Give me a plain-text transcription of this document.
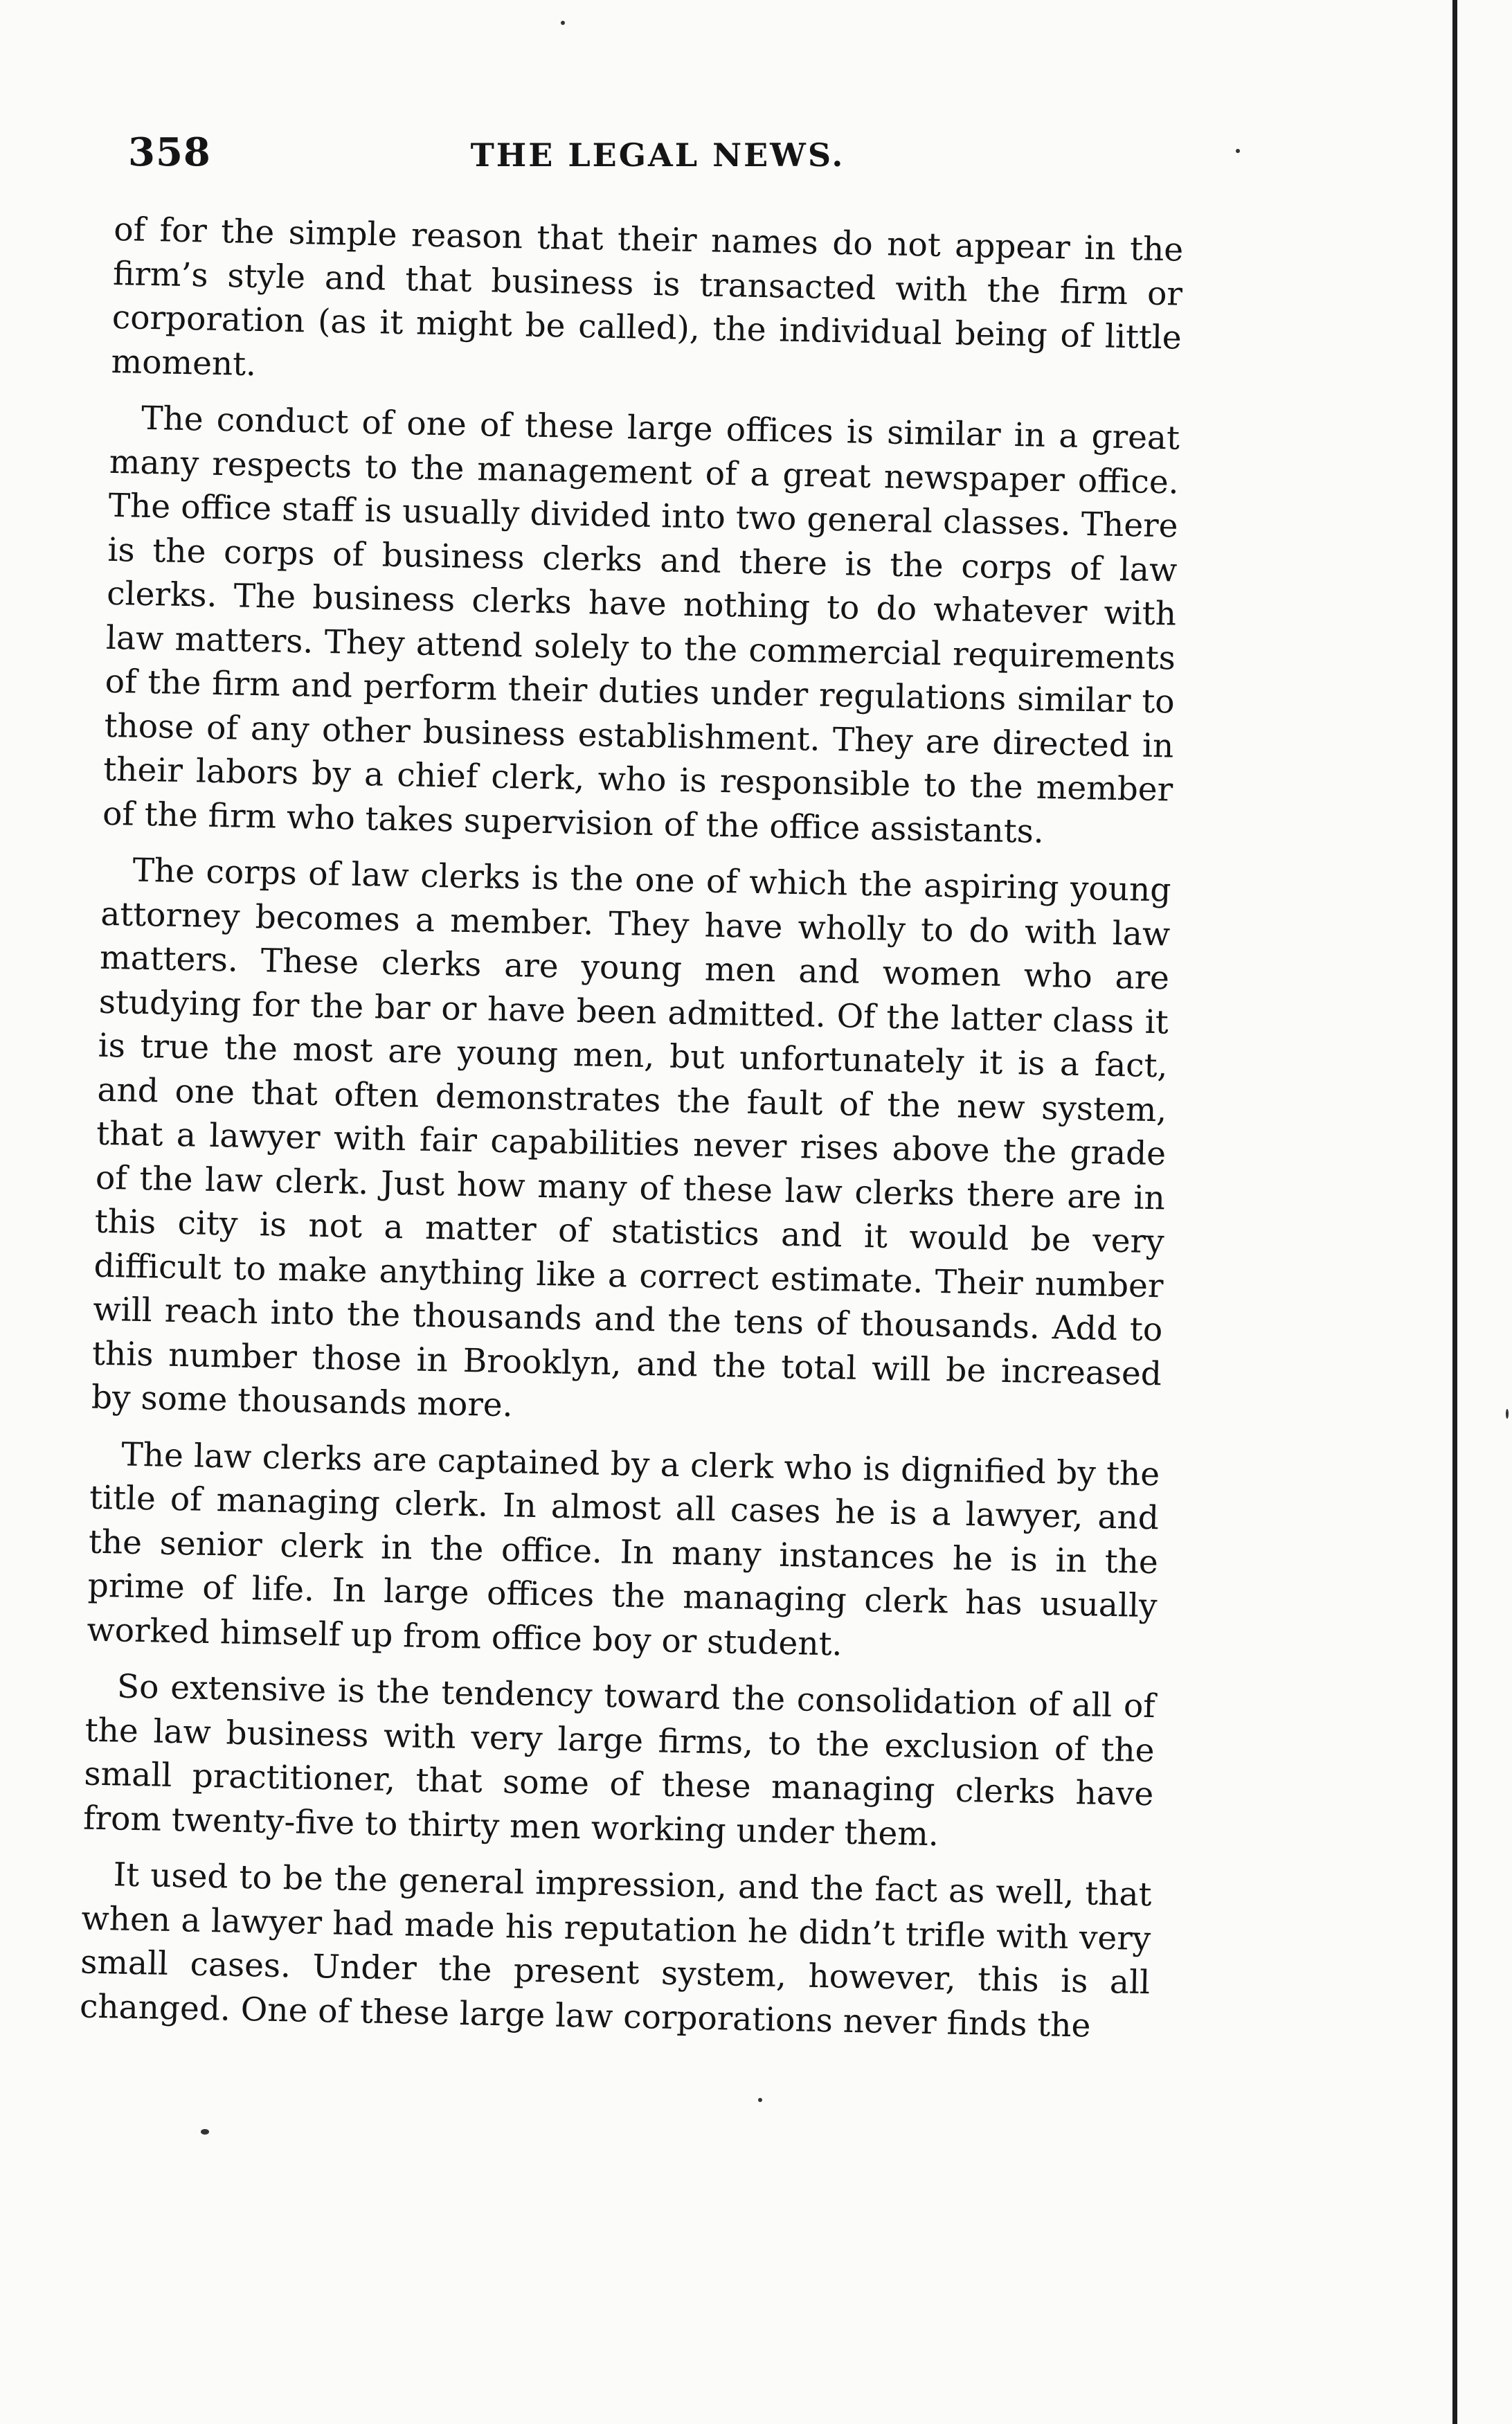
358	THE LEGAL NEWS.

of for the simple reason that their names do not appear in the firm’s style and that business is transacted with the firm or corporation (as it might be called), the individual being of little moment.

The conduct of one of these large offices is similar in a great many respects to the management of a great newspaper office. The office staff is usually divided into two general classes. There is the corps of business clerks and there is the corps of law clerks. The business clerks have nothing to do whatever with law matters. They attend solely to the commercial requirements of the firm and perform their duties under regulations similar to those of any other business establishment. They are directed in their labors by a chief clerk, who is responsible to the member of the firm who takes supervision of the office assistants.

The corps of law clerks is the one of which the aspiring young attorney becomes a member. They have wholly to do with law matters. These clerks are young men and women who are studying for the bar or have been admitted. Of the latter class it is true the most are young men, but unfortunately it is a fact, and one that often demonstrates the fault of the new system, that a lawyer with fair capabilities never rises above the grade of the law clerk. Just how many of these law clerks there are in this city is not a matter of statistics and it would be very difficult to make anything like a correct estimate. Their number will reach into the thousands and the tens of thousands. Add to this number those in Brooklyn, and the total will be increased by some thousands more.

The law clerks are captained by a clerk who is dignified by the title of managing clerk. In almost all cases he is a lawyer, and the senior clerk in the office. In many instances he is in the prime of life. In large offices the managing clerk has usually worked himself up from office boy or student.

So extensive is the tendency toward the consolidation of all of the law business with very large firms, to the exclusion of the small practitioner, that some of these managing clerks have from twenty-five to thirty men working under them.

It used to be the general impression, and the fact as well, that when a lawyer had made his reputation he didn’t trifle with very small cases. Under the present system, however, this is all changed. One of these large law corporations never finds the
